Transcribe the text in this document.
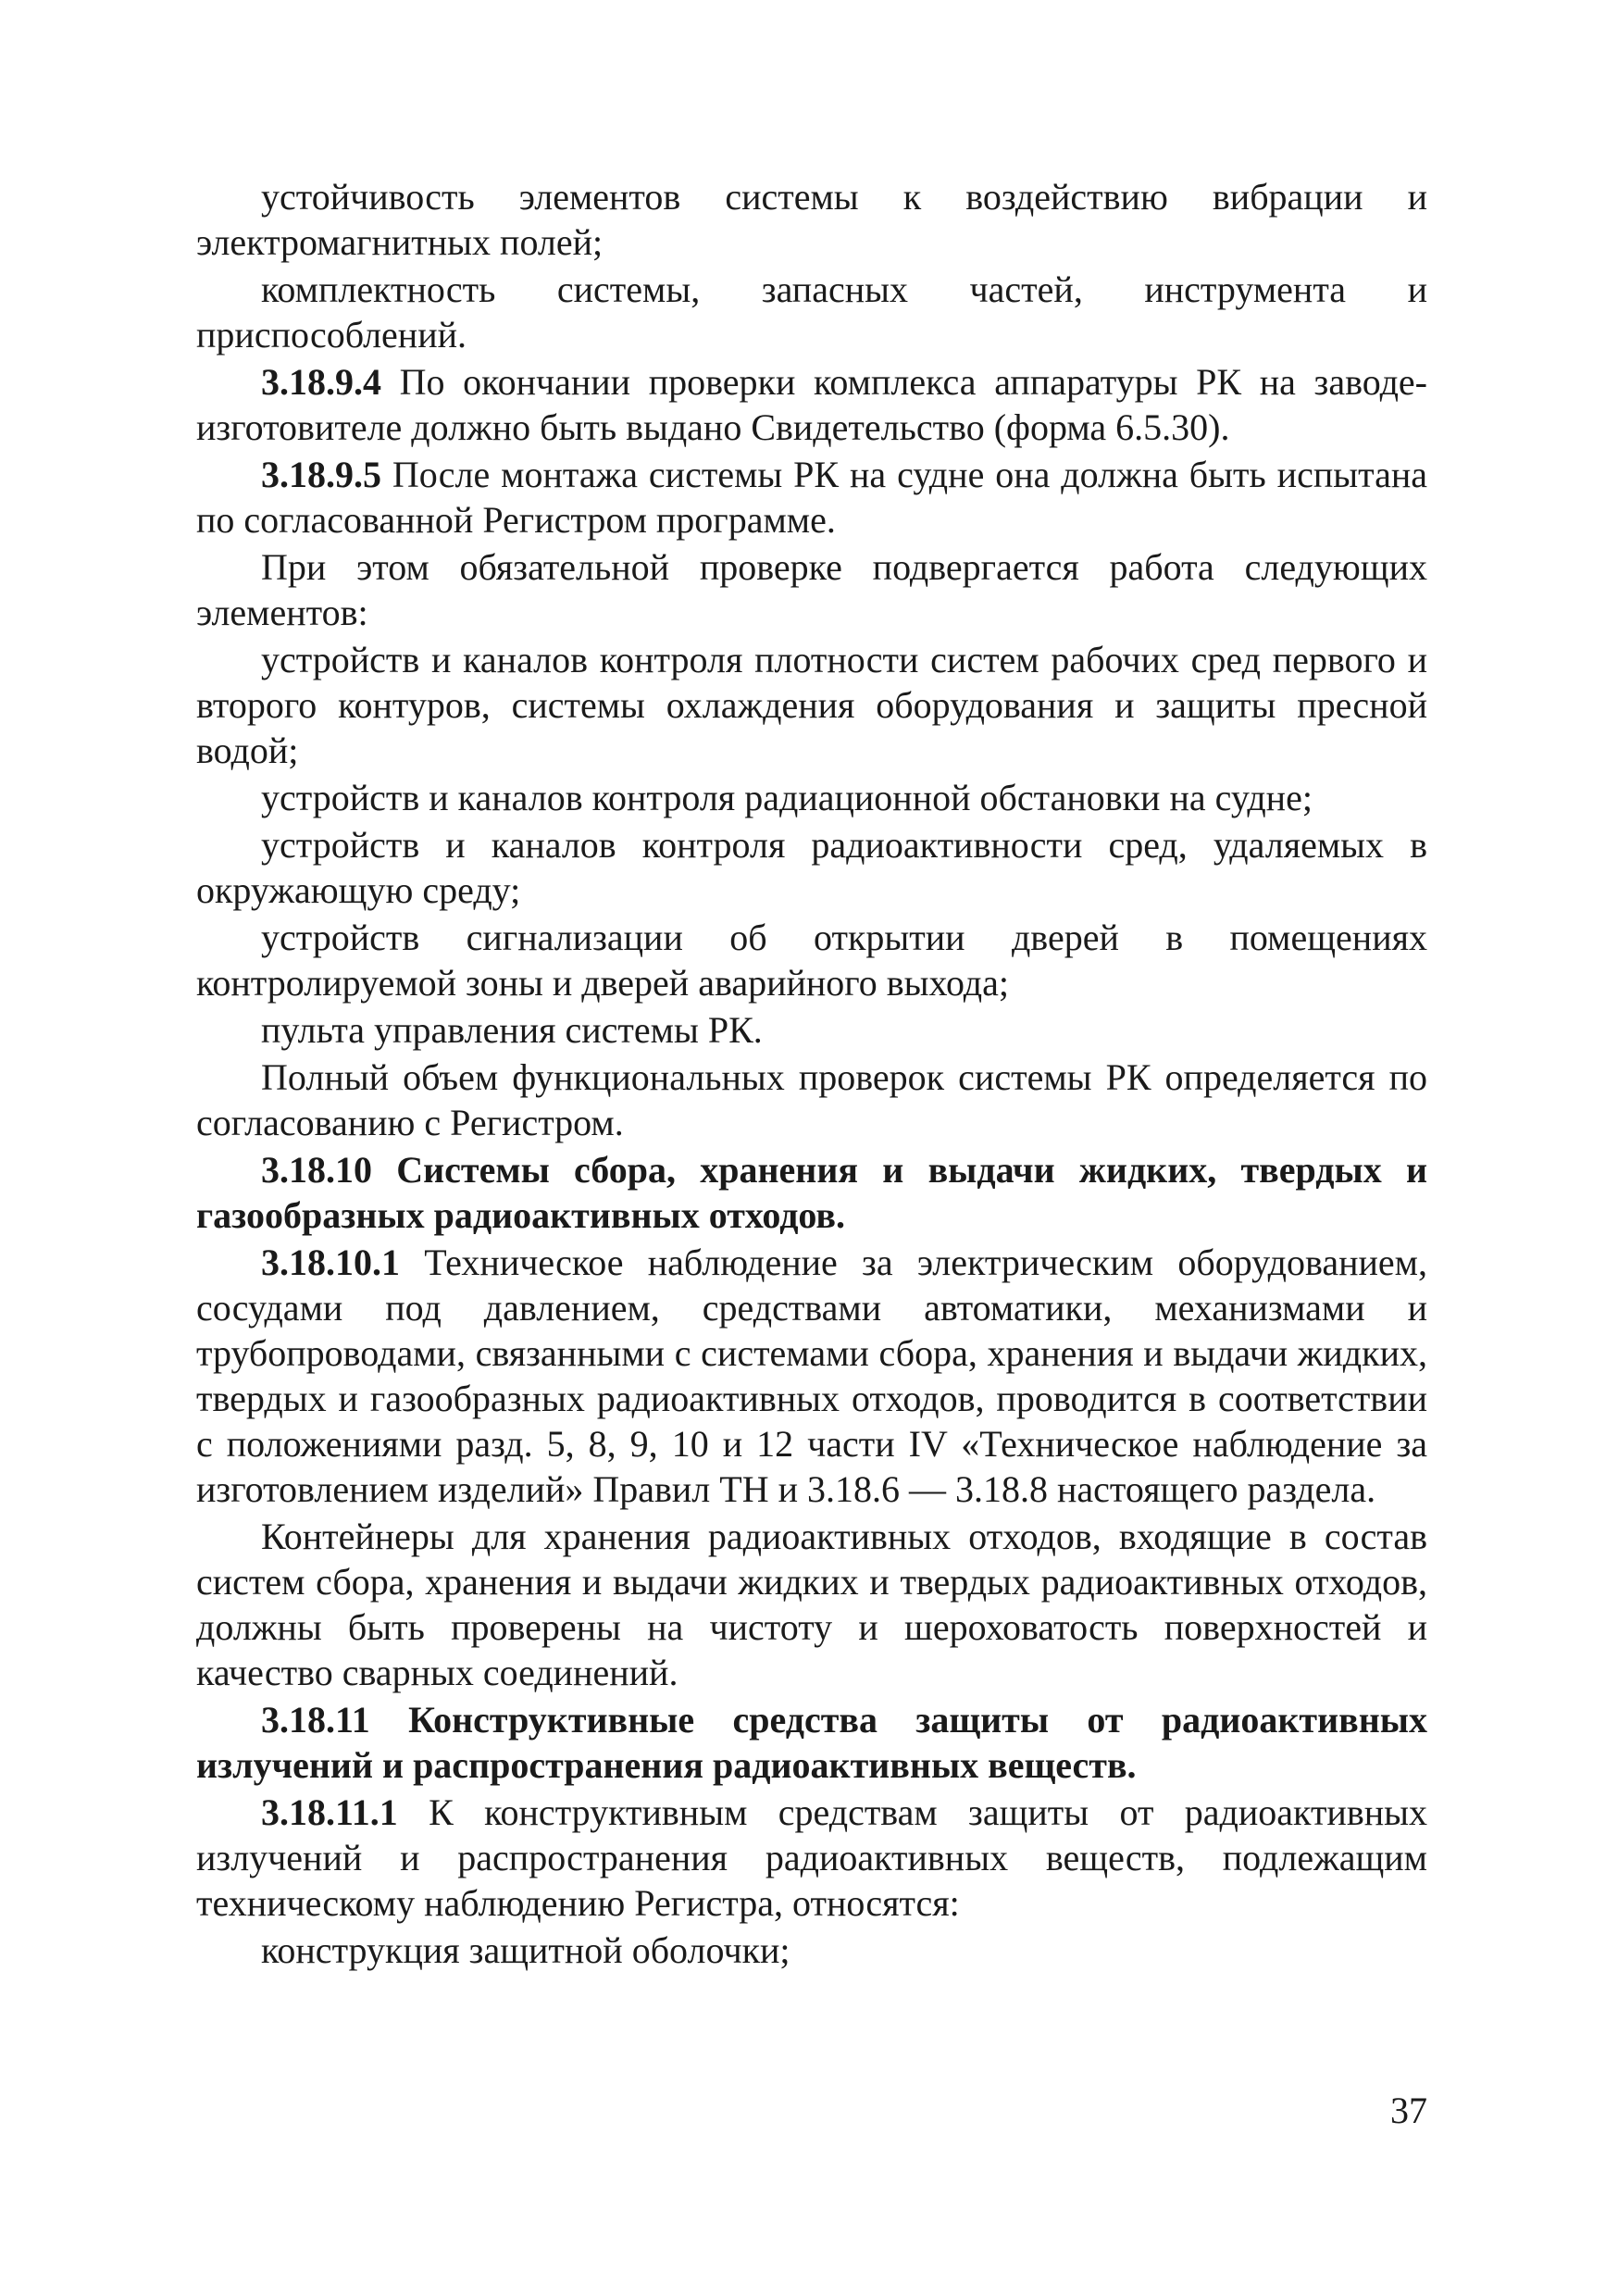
устойчивость элементов системы к воздействию вибрации и электромагнитных полей;

комплектность системы, запасных частей, инструмента и приспособлений.

3.18.9.4 По окончании проверки комплекса аппаратуры РК на заводе-изготовителе должно быть выдано Свидетельство (форма 6.5.30).

3.18.9.5 После монтажа системы РК на судне она должна быть испытана по согласованной Регистром программе.

При этом обязательной проверке подвергается работа следующих элементов:

устройств и каналов контроля плотности систем рабочих сред первого и второго контуров, системы охлаждения оборудования и защиты пресной водой;

устройств и каналов контроля радиационной обстановки на судне;

устройств и каналов контроля радиоактивности сред, удаляемых в окружающую среду;

устройств сигнализации об открытии дверей в помещениях контролируемой зоны и дверей аварийного выхода;

пульта управления системы РК.

Полный объем функциональных проверок системы РК определяется по согласованию с Регистром.

3.18.10 Системы сбора, хранения и выдачи жидких, твердых и газообразных радиоактивных отходов.

3.18.10.1 Техническое наблюдение за электрическим оборудованием, сосудами под давлением, средствами автоматики, механизмами и трубопроводами, связанными с системами сбора, хранения и выдачи жидких, твердых и газообразных радиоактивных отходов, проводится в соответствии с положениями разд. 5, 8, 9, 10 и 12 части IV «Техническое наблюдение за изготовлением изделий» Правил ТН и 3.18.6 — 3.18.8 настоящего раздела.

Контейнеры для хранения радиоактивных отходов, входящие в состав систем сбора, хранения и выдачи жидких и твердых радиоактивных отходов, должны быть проверены на чистоту и шероховатость поверхностей и качество сварных соединений.

3.18.11 Конструктивные средства защиты от радиоактивных излучений и распространения радиоактивных веществ.

3.18.11.1 К конструктивным средствам защиты от радиоактивных излучений и распространения радиоактивных веществ, подлежащим техническому наблюдению Регистра, относятся:

конструкция защитной оболочки;

37
